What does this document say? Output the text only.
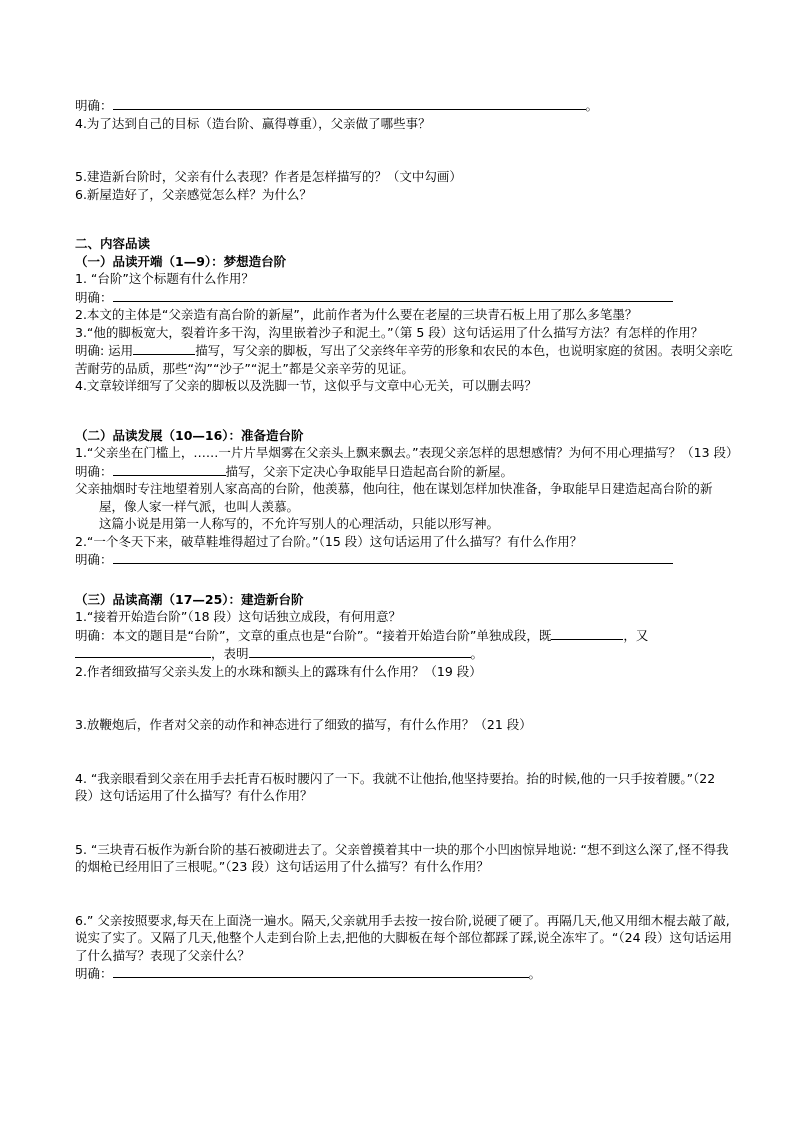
明确：	。
4.为了达到自己的目标（造台阶、赢得尊重），父亲做了哪些事？
5.建造新台阶时，父亲有什么表现？作者是怎样描写的？（文中勾画）
6.新屋造好了，父亲感觉怎么样？为什么？
二、内容品读
（一）品读开端（1—9）：梦想造台阶
1. “台阶”这个标题有什么作用？
明确：
2.本文的主体是“父亲造有高台阶的新屋”，此前作者为什么要在老屋的三块青石板上用了那么多笔墨？
3.“他的脚板宽大，裂着许多干沟，沟里嵌着沙子和泥土。”（第 5 段）这句话运用了什么描写方法？有怎样的作用？
明确: 运用	描写，写父亲的脚板，写出了父亲终年辛劳的形象和农民的本色，也说明家庭的贫困。表明父亲吃苦耐劳的品质，那些“沟”“沙子”“泥土”都是父亲辛劳的见证。
4.文章较详细写了父亲的脚板以及洗脚一节，这似乎与文章中心无关，可以删去吗？
（二）品读发展（10—16）：准备造台阶
1.“父亲坐在门槛上，……一片片旱烟雾在父亲头上飘来飘去。”表现父亲怎样的思想感情？为何不用心理描写？（13 段）
明确：	描写，父亲下定决心争取能早日造起高台阶的新屋。
父亲抽烟时专注地望着别人家高高的台阶，他羡慕，他向往，他在谋划怎样加快准备，争取能早日建造起高台阶的新屋，像人家一样气派，也叫人羡慕。
这篇小说是用第一人称写的，不允许写别人的心理活动，只能以形写神。
2.“一个冬天下来，破草鞋堆得超过了台阶。”（15 段）这句话运用了什么描写？有什么作用？
明确：
（三）品读高潮（17—25）：建造新台阶
1.“接着开始造台阶”（18 段）这句话独立成段，有何用意？
明确：本文的题目是“台阶”，文章的重点也是“台阶”。“接着开始造台阶”单独成段，既	，又，表明	。
2.作者细致描写父亲头发上的水珠和额头上的露珠有什么作用？（19 段）
3.放鞭炮后，作者对父亲的动作和神态进行了细致的描写，有什么作用？（21 段）
4. “我亲眼看到父亲在用手去托青石板时腰闪了一下。我就不让他抬,他坚持要抬。抬的时候,他的一只手按着腰。”（22 段）这句话运用了什么描写？有什么作用？
5. “三块青石板作为新台阶的基石被砌进去了。父亲曾摸着其中一块的那个小凹凼惊异地说: “想不到这么深了,怪不得我的烟枪已经用旧了三根呢。”（23 段）这句话运用了什么描写？有什么作用？
6.” 父亲按照要求,每天在上面浇一遍水。隔天,父亲就用手去按一按台阶,说硬了硬了。再隔几天,他又用细木棍去敲了敲,说实了实了。又隔了几天,他整个人走到台阶上去,把他的大脚板在每个部位都踩了踩,说全冻牢了。“（24 段）这句话运用了什么描写？表现了父亲什么？
明确：	。
